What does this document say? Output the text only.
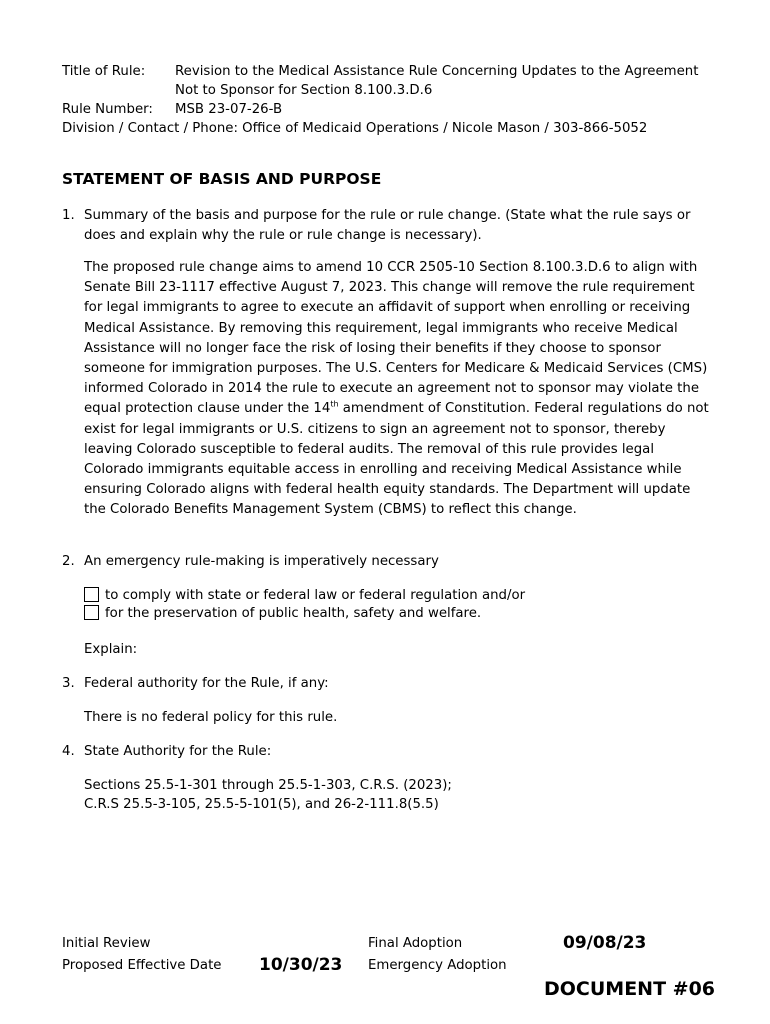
Title of Rule: Revision to the Medical Assistance Rule Concerning Updates to the Agreement
Not to Sponsor for Section 8.100.3.D.6
Rule Number: MSB 23-07-26-B
Division / Contact / Phone: Office of Medicaid Operations / Nicole Mason / 303-866-5052
STATEMENT OF BASIS AND PURPOSE
1. Summary of the basis and purpose for the rule or rule change. (State what the rule says or does and explain why the rule or rule change is necessary).
The proposed rule change aims to amend 10 CCR 2505-10 Section 8.100.3.D.6 to align with Senate Bill 23-1117 effective August 7, 2023. This change will remove the rule requirement for legal immigrants to agree to execute an affidavit of support when enrolling or receiving Medical Assistance. By removing this requirement, legal immigrants who receive Medical Assistance will no longer face the risk of losing their benefits if they choose to sponsor someone for immigration purposes. The U.S. Centers for Medicare & Medicaid Services (CMS) informed Colorado in 2014 the rule to execute an agreement not to sponsor may violate the equal protection clause under the 14th amendment of Constitution. Federal regulations do not exist for legal immigrants or U.S. citizens to sign an agreement not to sponsor, thereby leaving Colorado susceptible to federal audits. The removal of this rule provides legal Colorado immigrants equitable access in enrolling and receiving Medical Assistance while ensuring Colorado aligns with federal health equity standards. The Department will update the Colorado Benefits Management System (CBMS) to reflect this change.
2. An emergency rule-making is imperatively necessary
to comply with state or federal law or federal regulation and/or
for the preservation of public health, safety and welfare.
Explain:
3. Federal authority for the Rule, if any:
There is no federal policy for this rule.
4. State Authority for the Rule:
Sections 25.5-1-301 through 25.5-1-303, C.R.S. (2023);
C.R.S 25.5-3-105, 25.5-5-101(5), and 26-2-111.8(5.5)
Initial Review
Proposed Effective Date 10/30/23
Final Adoption	09/08/23
Emergency Adoption
DOCUMENT #06
